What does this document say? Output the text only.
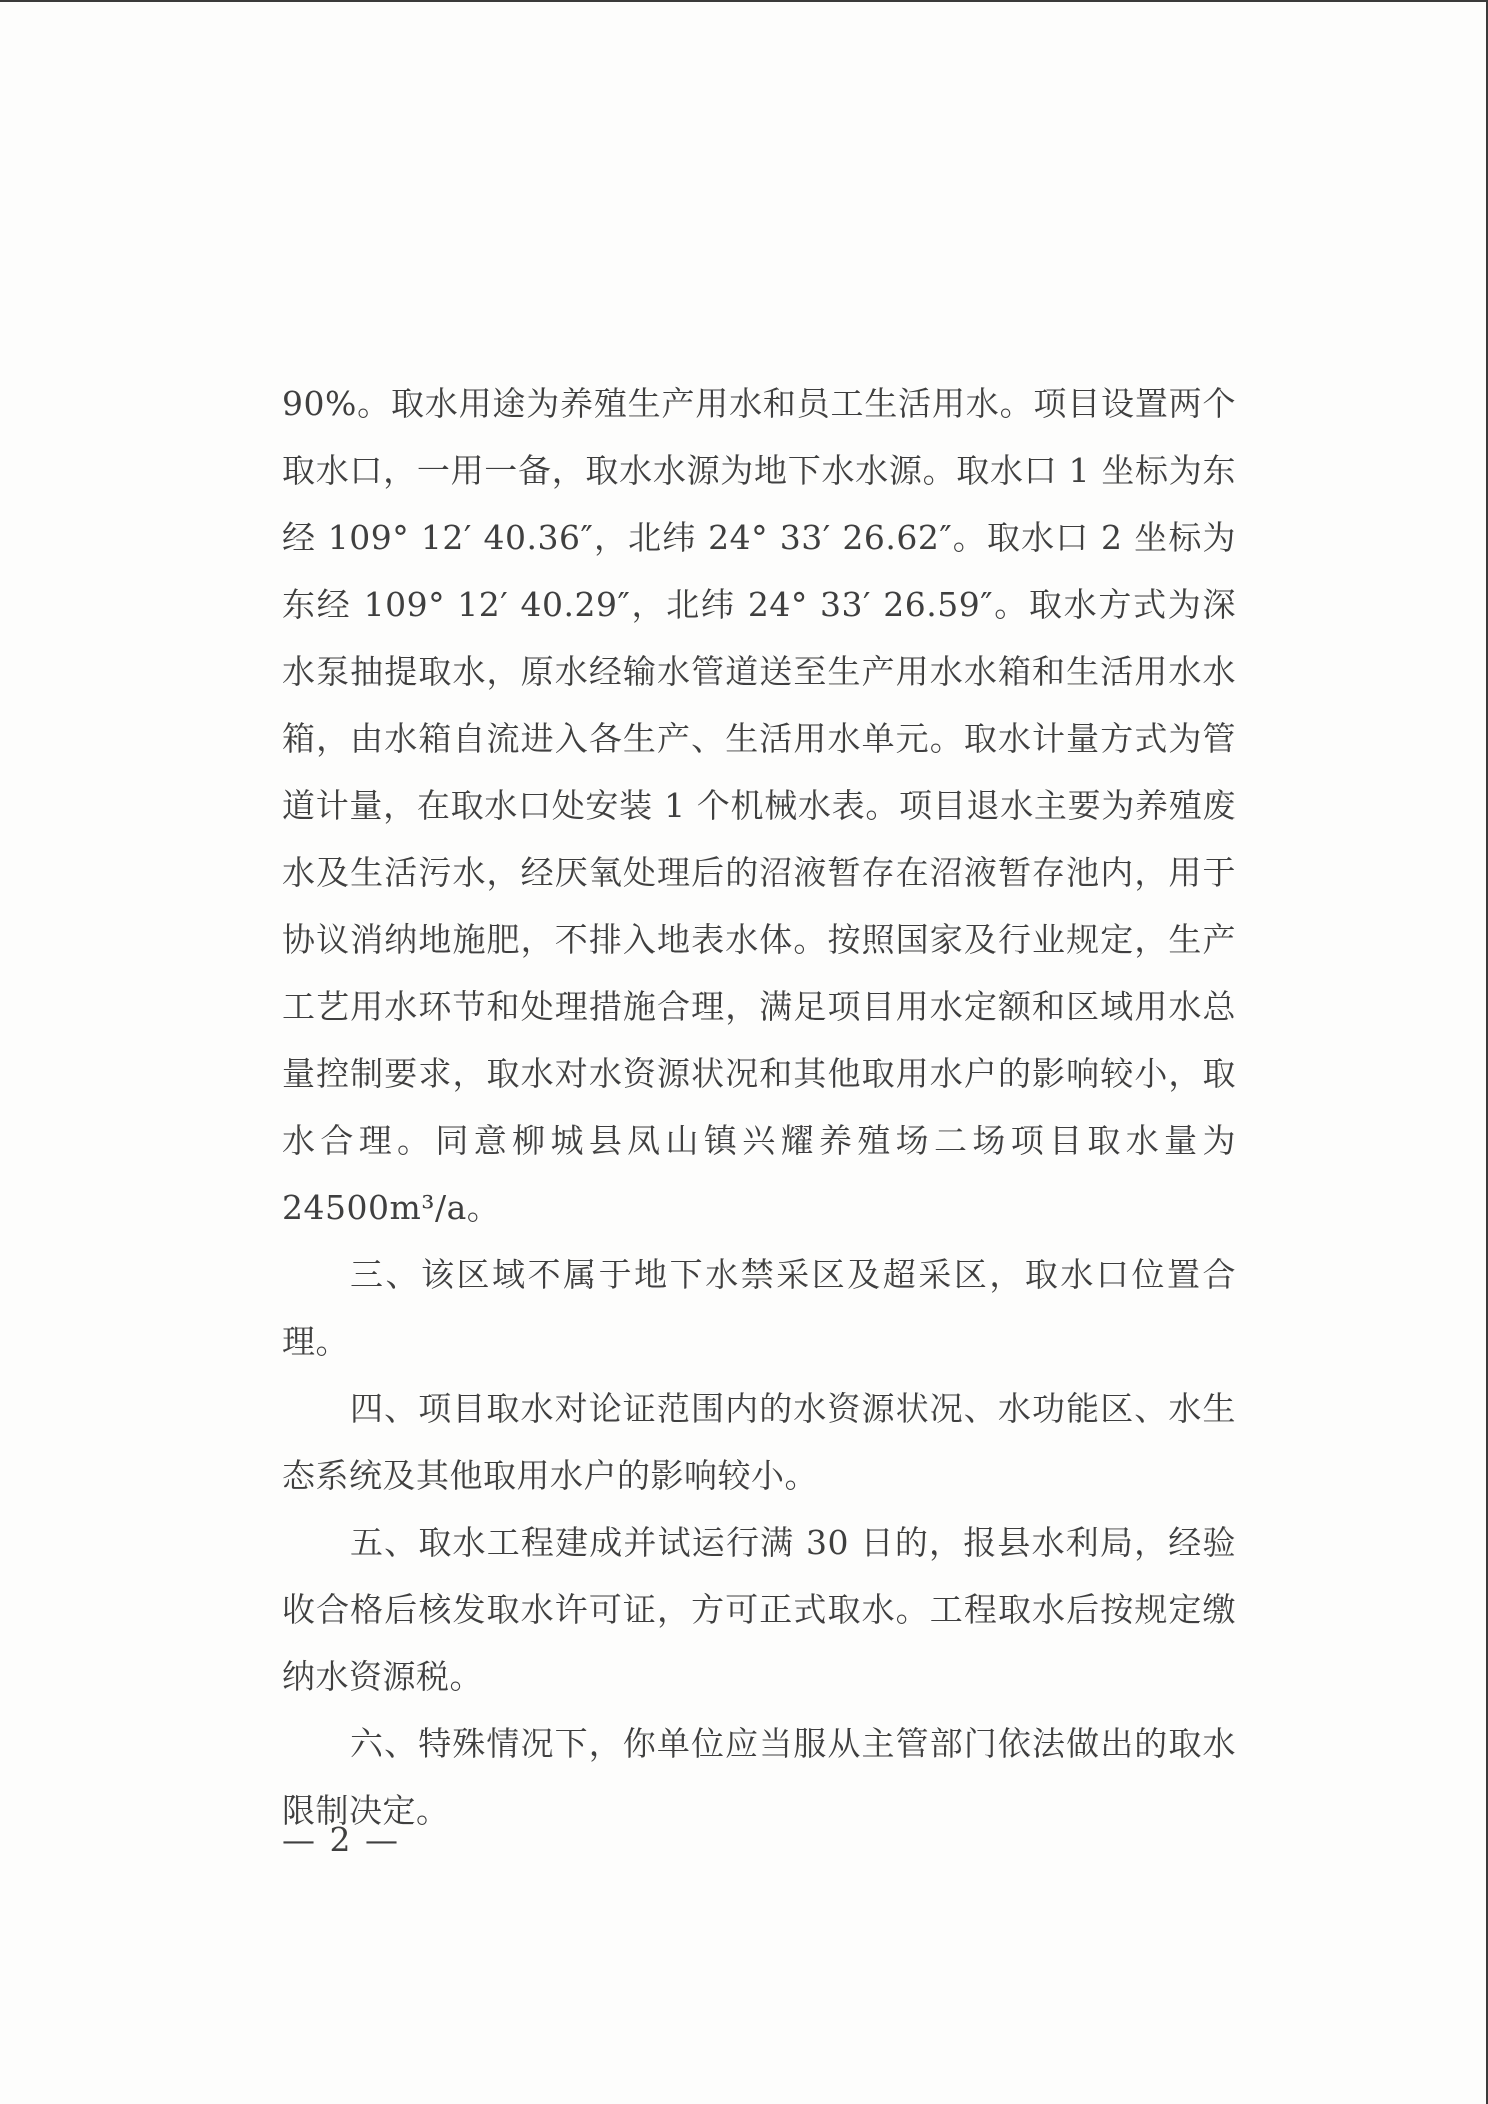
90%。取水用途为养殖生产用水和员工生活用水。项目设置两个取水口，一用一备，取水水源为地下水水源。取水口 1 坐标为东经 109° 12′ 40.36″，北纬 24° 33′ 26.62″。取水口 2 坐标为东经 109° 12′ 40.29″，北纬 24° 33′ 26.59″。取水方式为深水泵抽提取水，原水经输水管道送至生产用水水箱和生活用水水箱，由水箱自流进入各生产、生活用水单元。取水计量方式为管道计量，在取水口处安装 1 个机械水表。项目退水主要为养殖废水及生活污水，经厌氧处理后的沼液暂存在沼液暂存池内，用于协议消纳地施肥，不排入地表水体。按照国家及行业规定，生产工艺用水环节和处理措施合理，满足项目用水定额和区域用水总量控制要求，取水对水资源状况和其他取用水户的影响较小，取水合理。同意柳城县凤山镇兴耀养殖场二场项目取水量为 24500m³/a。

三、该区域不属于地下水禁采区及超采区，取水口位置合理。

四、项目取水对论证范围内的水资源状况、水功能区、水生态系统及其他取用水户的影响较小。

五、取水工程建成并试运行满 30 日的，报县水利局，经验收合格后核发取水许可证，方可正式取水。工程取水后按规定缴纳水资源税。

六、特殊情况下，你单位应当服从主管部门依法做出的取水限制决定。

— 2 —
